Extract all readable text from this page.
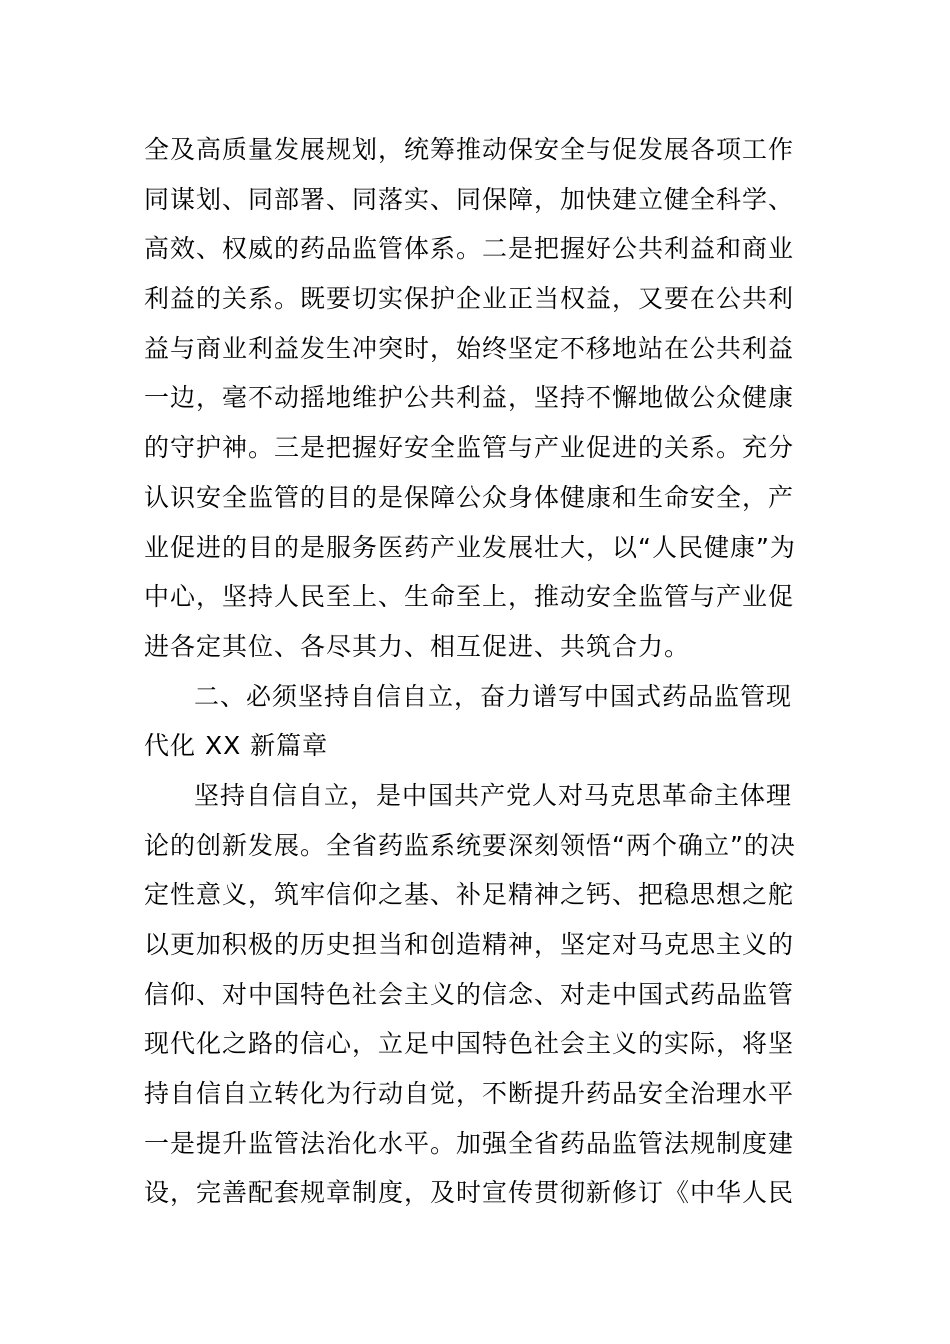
全及高质量发展规划，统筹推动保安全与促发展各项工作
同谋划、同部署、同落实、同保障，加快建立健全科学、
高效、权威的药品监管体系。二是把握好公共利益和商业
利益的关系。既要切实保护企业正当权益，又要在公共利
益与商业利益发生冲突时，始终坚定不移地站在公共利益
一边，毫不动摇地维护公共利益，坚持不懈地做公众健康
的守护神。三是把握好安全监管与产业促进的关系。充分
认识安全监管的目的是保障公众身体健康和生命安全，产
业促进的目的是服务医药产业发展壮大，以“人民健康”为
中心，坚持人民至上、生命至上，推动安全监管与产业促
进各定其位、各尽其力、相互促进、共筑合力。
二、必须坚持自信自立，奋力谱写中国式药品监管现
代化 XX 新篇章
坚持自信自立，是中国共产党人对马克思革命主体理
论的创新发展。全省药监系统要深刻领悟“两个确立”的决
定性意义，筑牢信仰之基、补足精神之钙、把稳思想之舵
以更加积极的历史担当和创造精神，坚定对马克思主义的
信仰、对中国特色社会主义的信念、对走中国式药品监管
现代化之路的信心，立足中国特色社会主义的实际，将坚
持自信自立转化为行动自觉，不断提升药品安全治理水平
一是提升监管法治化水平。加强全省药品监管法规制度建
设，完善配套规章制度，及时宣传贯彻新修订《中华人民
